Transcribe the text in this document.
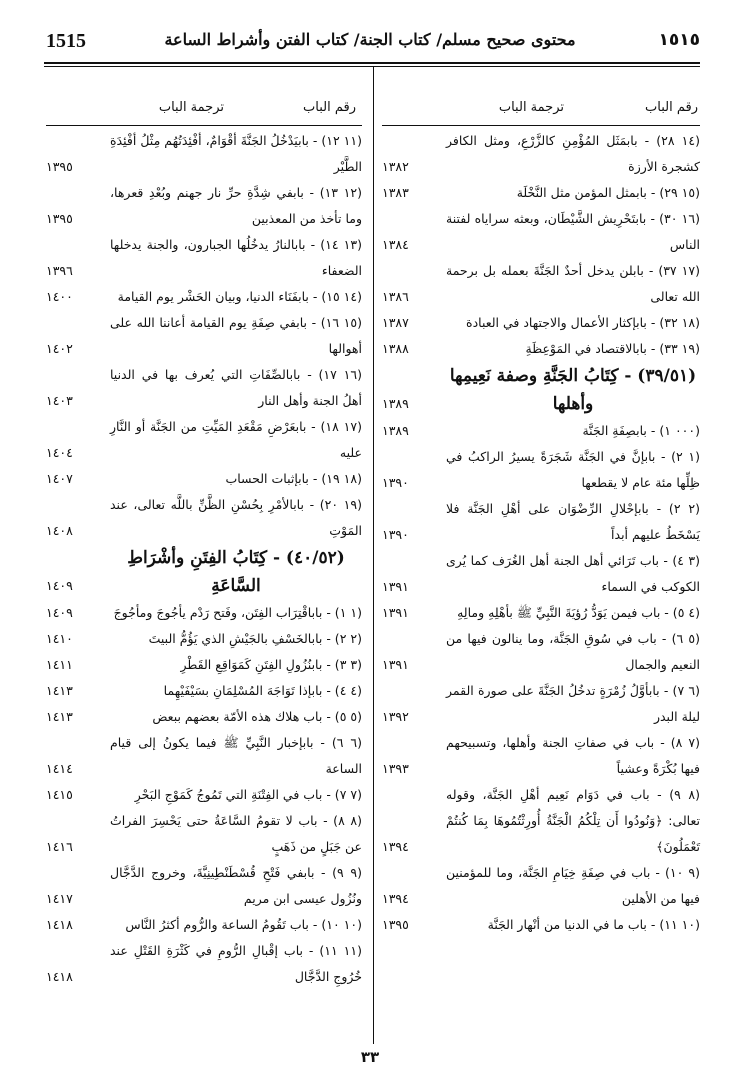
1515	محتوى صحيح مسلم/ كتاب الجنة/ كتاب الفتن وأشراط الساعة	١٥١٥
رقم الباب
ترجمة الباب
رقم الباب
ترجمة الباب
(١٤ ٢٨) - بابمَثَل المُؤْمِنِ كالزَّرْعِ، ومثل الكافر كشجرة الأرزة
١٣٨٢
(١٥ ٢٩) - بابمثل المؤمن مثل النَّخْلَة
١٣٨٣
(١٦ ٣٠) - بابتَحْرِيش الشَّيْطَان، وبعثه سراياه لفتنة الناس
١٣٨٤
(١٧ ٣٧) - بابلن يدخل أحدٌ الجَنَّةَ بعمله بل برحمة الله تعالى
١٣٨٦
(١٨ ٣٢) - بابإكثار الأعمال والاجتهاد في العبادة
١٣٨٧
(١٩ ٣٣) - بابالاقتصاد في المَوْعِظَةِ
١٣٨٨
(٣٩/٥١) - كِتَابُ الجَنَّةِ وصفة نَعِيمِها وأهلها
١٣٨٩
(٠٠٠ ١) - بابصِفَةِ الجَنَّة
١٣٨٩
(١ ٢) - بابإنَّ في الجَنَّة شَجَرَةً يسيرُ الراكبُ في ظِلِّها مئة عام لا يقطعها
١٣٩٠
(٢ ٢) - بابإحْلالِ الرِّضْوَان على أهْلِ الجَنَّة فلا يَسْخَطُ عليهم أبداً
١٣٩٠
(٣ ٤) - باب تَرَائي أهل الجنة أهل الغُرَف كما يُرى الكوكب في السماء
١٣٩١
(٤ ٥) - باب فيمن يَوَدُّ رُؤيَةَ النَّبِيِّ ﷺ بأهْلِهِ ومالِهِ
١٣٩١
(٥ ٦) - باب في سُوقِ الجَنَّة، وما ينالون فيها من النعيم والجمال
١٣٩١
(٦ ٧) - بابأوَّلُ زُمْرَةٍ تدخُلُ الجَنَّةَ على صورة القمر ليلة البدر
١٣٩٢
(٧ ٨) - باب في صفاتِ الجنة وأهلها، وتسبيحهم فيها بُكْرَةً وعشياً
١٣٩٣
(٨ ٩) - باب في دَوَام نَعِيم أهْلِ الجَنَّة، وقوله تعالى: ﴿وَنُودُوا أَن تِلْكُمُ الْجَنَّةُ أُورِثْتُمُوهَا بِمَا كُنتُمْ تَعْمَلُونَ﴾
١٣٩٤
(٩ ١٠) - باب في صِفَةِ خِيَامِ الجَنَّة، وما للمؤمنين فيها من الأهلين
١٣٩٤
(١٠ ١١) - باب ما في الدنيا من أنْهار الجَنَّة
١٣٩٥
(١١ ١٢) - بابيَدْخُلُ الجَنَّةَ أقْوَامٌ، أفْئِدَتُهُم مِثْلُ أفْئِدَةِ الطَّيْر
١٣٩٥
(١٢ ١٣) - بابفي شِدَّةِ حرِّ نار جهنم وبُعْدِ قعرها، وما تأخذ من المعذبين
١٣٩٥
(١٣ ١٤) - بابالنارُ يدخُلُها الجبارون، والجنة يدخلها الضعفاء
١٣٩٦
(١٤ ١٥) - بابفَنَاء الدنيا، وبيان الحَشْر يوم القيامة
١٤٠٠
(١٥ ١٦) - بابفي صِفَةِ يوم القيامة أعاننا الله على أهوالها
١٤٠٢
(١٦ ١٧) - بابالصِّفَاتِ التي يُعرف بها في الدنيا أهلُ الجنة وأهل النار
١٤٠٣
(١٧ ١٨) - بابعَرْضِ مَقْعَدِ المَيِّتِ من الجَنَّة أو النَّارِ عليه
١٤٠٤
(١٨ ١٩) - بابإثبات الحساب
١٤٠٧
(١٩ ٢٠) - بابالأمْرِ بِحُسْنِ الظَّنِّ باللَّه تعالى، عند المَوْتِ
١٤٠٨
(٤٠/٥٢) - كِتَابُ الفِتَنِ وأشْرَاطِ السَّاعَةِ
١٤٠٩
(١ ١) - باباقْتِرَاب الفِتَن، وفَتح رَدْم يأجُوجَ ومأجُوجَ
١٤٠٩
(٢ ٢) - بابالخَسْفِ بالجَيْشِ الذي يَؤُمُّ البيتَ
١٤١٠
(٣ ٣) - بابنُزُولِ الفِتَنِ كَمَوَاقِعِ القَطْرِ
١٤١١
(٤ ٤) - بابإذا تَوَاجَهَ المُسْلِمَانِ بسَيْفَيْهِما
١٤١٣
(٥ ٥) - باب هلاك هذه الأمّة بعضهم ببعض
١٤١٣
(٦ ٦) - بابإخبار النَّبِيِّ ﷺ فيما يكونُ إلى قيام الساعة
١٤١٤
(٧ ٧) - باب في الفِتْنَةِ التي تَمُوجُ كَمَوْجِ البَحْرِ
١٤١٥
(٨ ٨) - باب لا تقومُ السَّاعَةُ حتى يَحْسِرَ الفراتُ عن جَبَلٍ من ذَهَبٍ
١٤١٦
(٩ ٩) - بابفي فَتْحِ قُسْطَنْطِينِيَّةَ، وخروج الدَّجَّال ونُزُول عيسى ابن مريم
١٤١٧
(١٠ ١٠) - باب تَقُومُ الساعة والرُّوم أكثرُ النَّاس
١٤١٨
(١١ ١١) - باب إقْبالِ الرُّومِ في كَثْرَةِ القَتْلِ عند خُرُوجِ الدَّجَّال
١٤١٨
٣٣
